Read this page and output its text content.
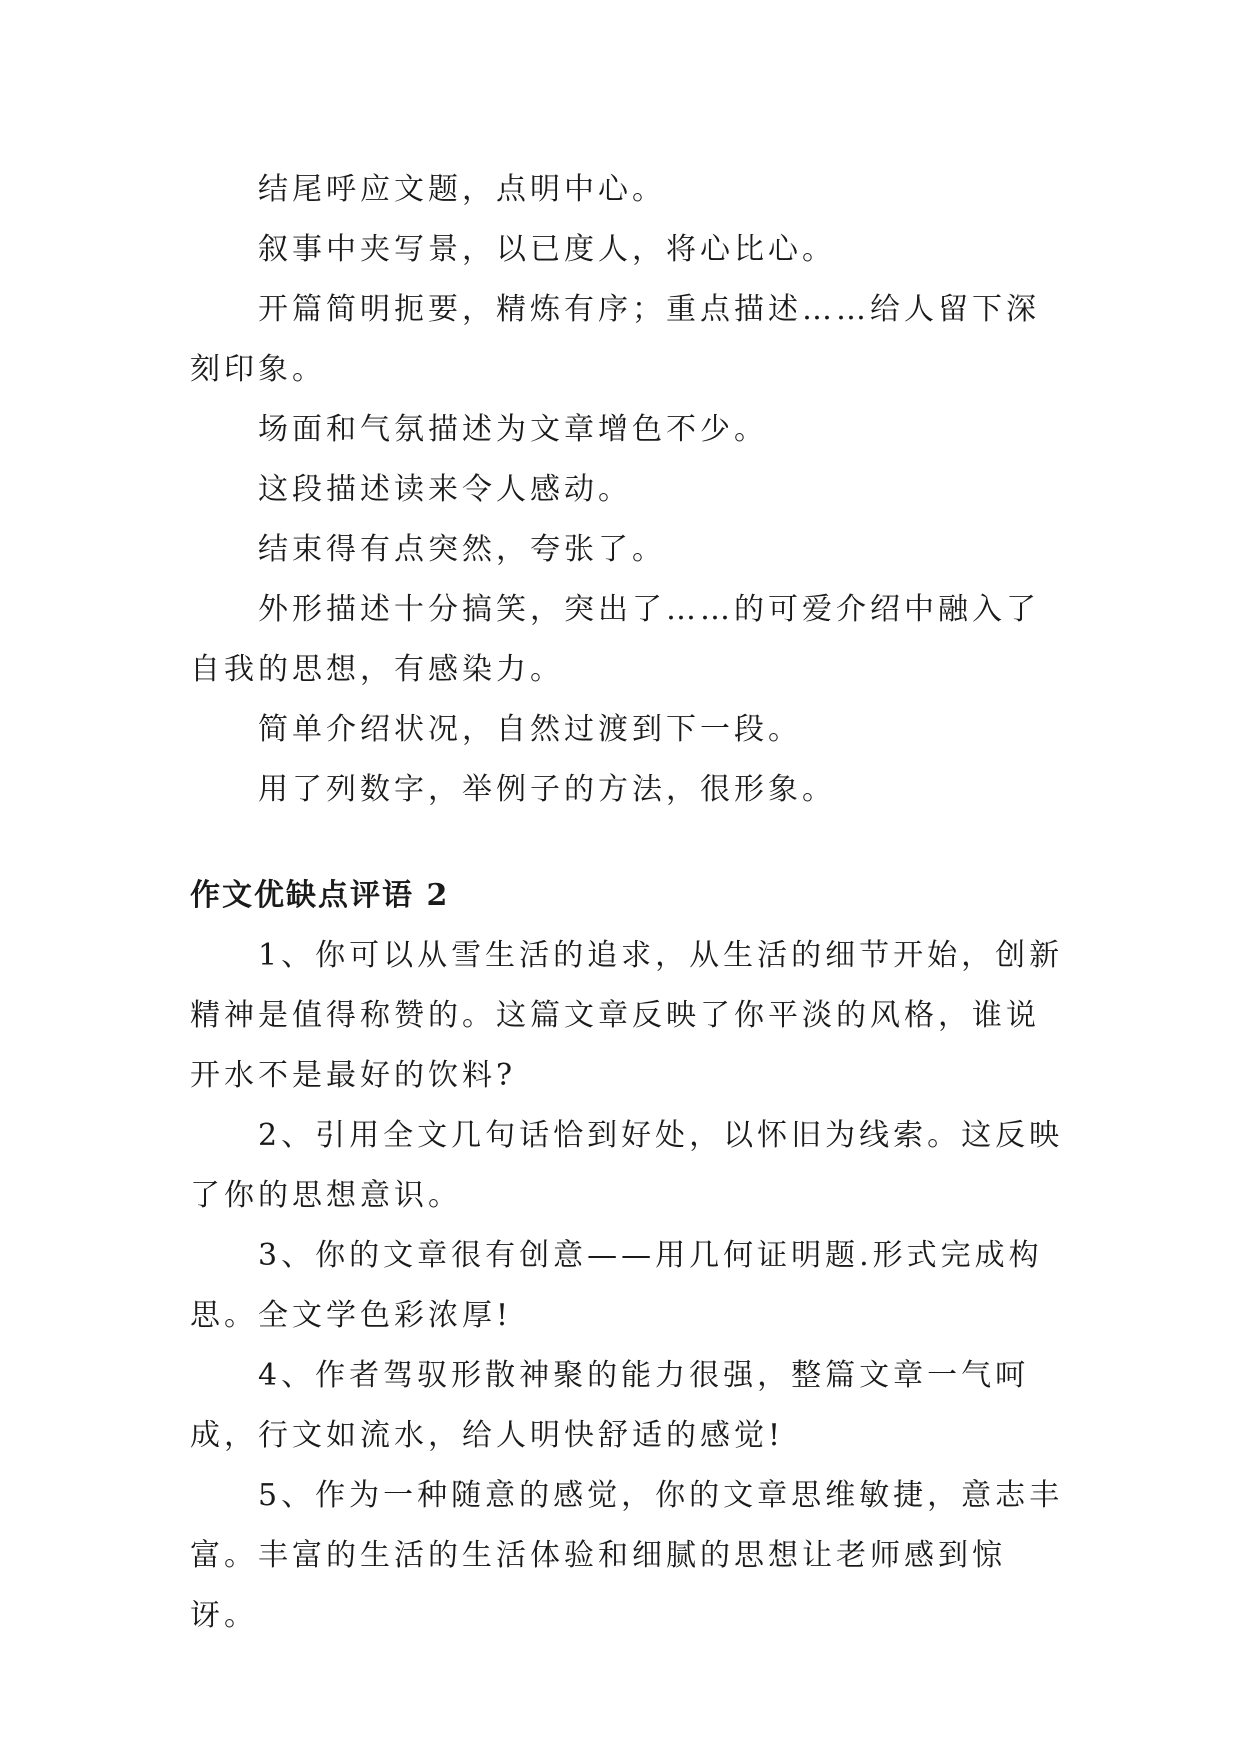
结尾呼应文题，点明中心。

叙事中夹写景，以已度人，将心比心。

开篇简明扼要，精炼有序；重点描述……给人留下深刻印象。

场面和气氛描述为文章增色不少。

这段描述读来令人感动。

结束得有点突然，夸张了。

外形描述十分搞笑，突出了……的可爱介绍中融入了自我的思想，有感染力。

简单介绍状况，自然过渡到下一段。

用了列数字，举例子的方法，很形象。

作文优缺点评语 2

1、你可以从雪生活的追求，从生活的细节开始，创新精神是值得称赞的。这篇文章反映了你平淡的风格，谁说开水不是最好的饮料?

2、引用全文几句话恰到好处，以怀旧为线索。这反映了你的思想意识。

3、你的文章很有创意——用几何证明题.形式完成构思。全文学色彩浓厚!

4、作者驾驭形散神聚的能力很强，整篇文章一气呵成，行文如流水，给人明快舒适的感觉!

5、作为一种随意的感觉，你的文章思维敏捷，意志丰富。丰富的生活的生活体验和细腻的思想让老师感到惊讶。
